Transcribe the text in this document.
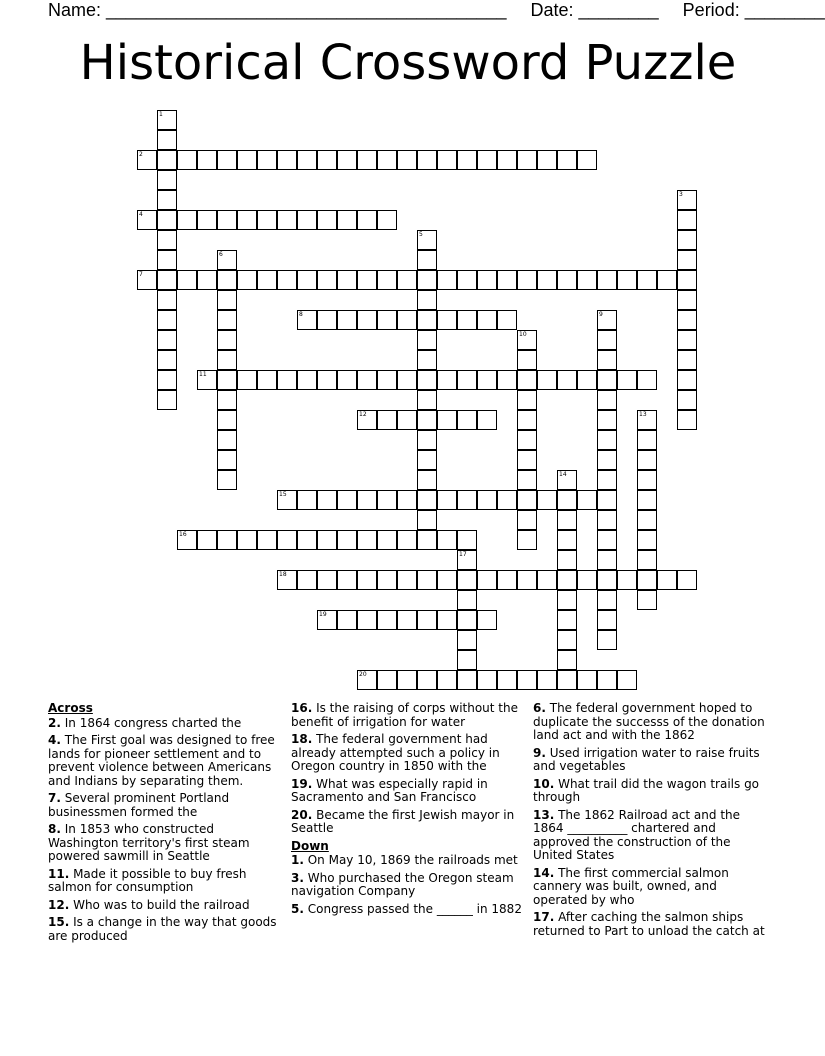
Name: ________________________________________ Date: ________ Period: ________
Historical Crossword Puzzle
1
2
3
4
5
6
7
8	9
10
11
12	13
14
15
16
17
18
19
20
Across
2. In 1864 congress charted the
4. The First goal was designed to free lands for pioneer settlement and to prevent violence between Americans and Indians by separating them.
7. Several prominent Portland businessmen formed the
8. In 1853 who constructed Washington territory's first steam powered sawmill in Seattle
11. Made it possible to buy fresh salmon for consumption
12. Who was to build the railroad
15. Is a change in the way that goods are produced
16. Is the raising of corps without the benefit of irrigation for water
18. The federal government had already attempted such a policy in Oregon country in 1850 with the
19. What was especially rapid in Sacramento and San Francisco
20. Became the first Jewish mayor in Seattle
Down
1. On May 10, 1869 the railroads met
3. Who purchased the Oregon steam navigation Company
5. Congress passed the ______ in 1882
6. The federal government hoped to duplicate the successs of the donation land act and with the 1862
9. Used irrigation water to raise fruits and vegetables
10. What trail did the wagon trails go through
13. The 1862 Railroad act and the 1864 __________ chartered and approved the construction of the United States
14. The first commercial salmon cannery was built, owned, and operated by who
17. After caching the salmon ships returned to Part to unload the catch at
